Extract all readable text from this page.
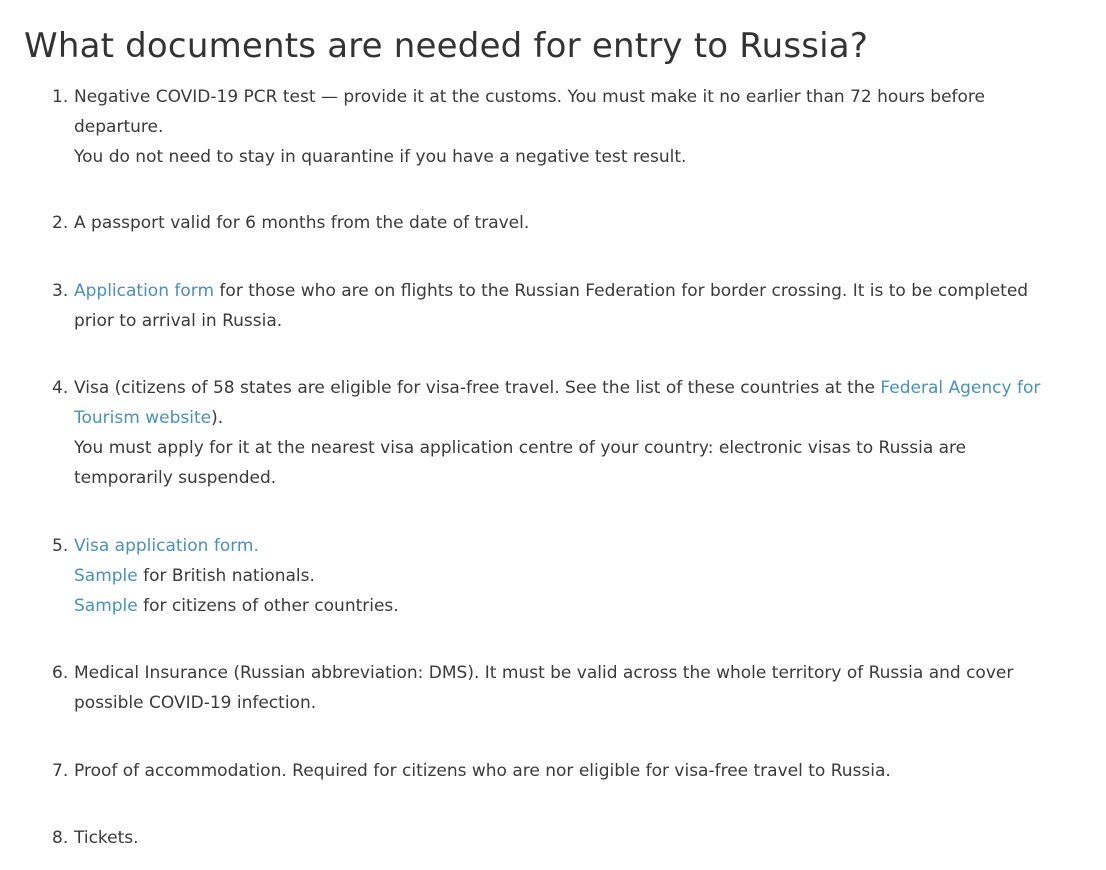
What documents are needed for entry to Russia?
1. Negative COVID-19 PCR test — provide it at the customs. You must make it no earlier than 72 hours before
departure.
You do not need to stay in quarantine if you have a negative test result.
2. A passport valid for 6 months from the date of travel.
3. Application form for those who are on flights to the Russian Federation for border crossing. It is to be completed
prior to arrival in Russia.
4. Visa (citizens of 58 states are eligible for visa-free travel. See the list of these countries at the Federal Agency for
Tourism website).
You must apply for it at the nearest visa application centre of your country: electronic visas to Russia are
temporarily suspended.
5. Visa application form.
Sample for British nationals.
Sample for citizens of other countries.
6. Medical Insurance (Russian abbreviation: DMS). It must be valid across the whole territory of Russia and cover
possible COVID-19 infection.
7. Proof of accommodation. Required for citizens who are nor eligible for visa-free travel to Russia.
8. Tickets.
